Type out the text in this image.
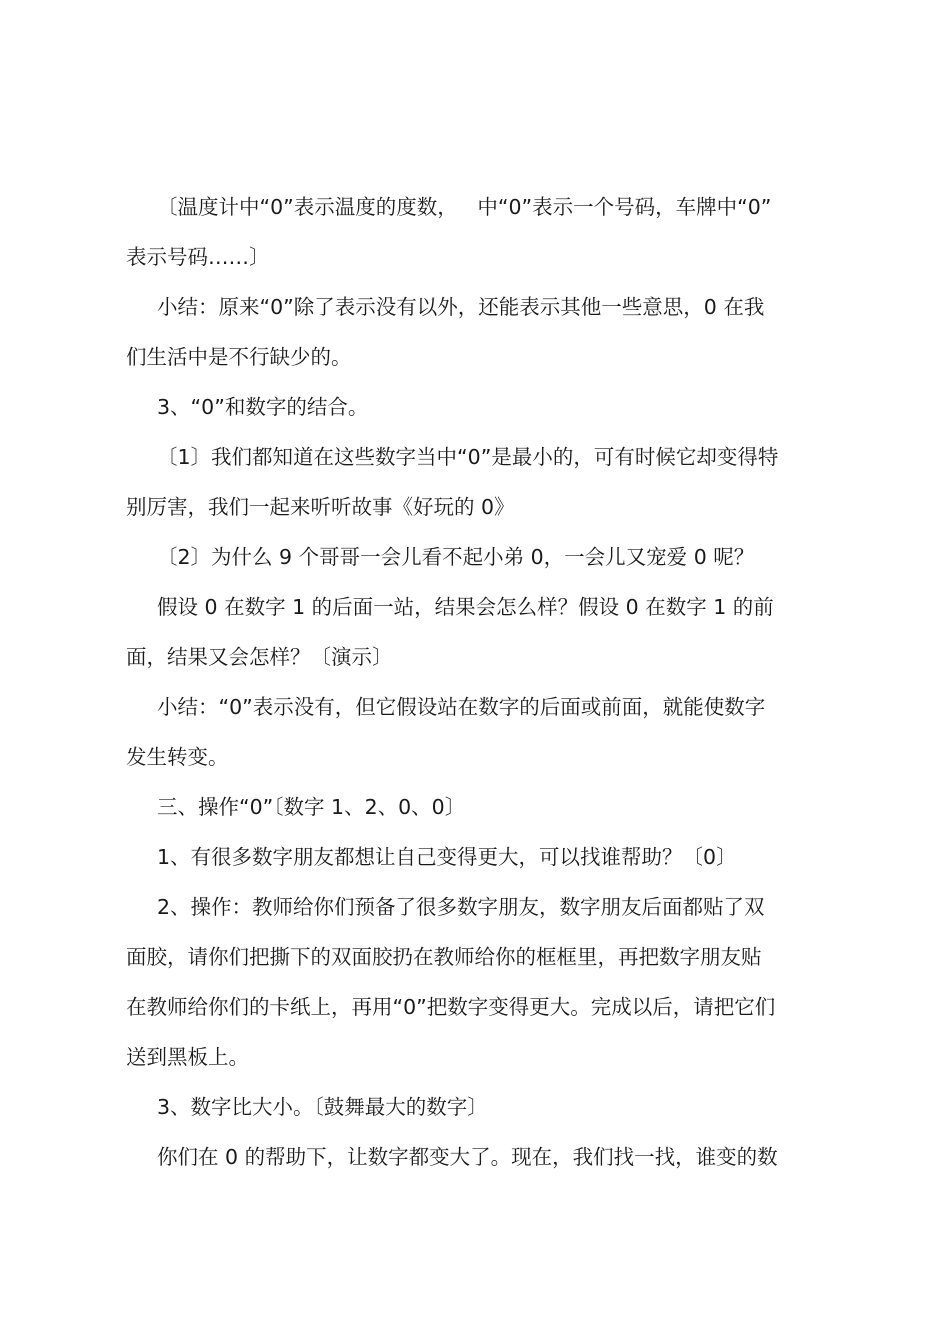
〔温度计中“0”表示温度的度数，   中“0”表示一个号码，车牌中“0”
表示号码……〕
小结：原来“0”除了表示没有以外，还能表示其他一些意思，0 在我
们生活中是不行缺少的。
3、“0”和数字的结合。
〔1〕我们都知道在这些数字当中“0”是最小的，可有时候它却变得特
别厉害，我们一起来听听故事《好玩的 0》
〔2〕为什么 9 个哥哥一会儿看不起小弟 0，一会儿又宠爱 0 呢？
假设 0 在数字 1 的后面一站，结果会怎么样？假设 0 在数字 1 的前
面，结果又会怎样？〔演示〕
小结：“0”表示没有，但它假设站在数字的后面或前面，就能使数字
发生转变。
三、操作“0”〔数字 1、2、0、0〕
1、有很多数字朋友都想让自己变得更大，可以找谁帮助？〔0〕
2、操作：教师给你们预备了很多数字朋友，数字朋友后面都贴了双
面胶，请你们把撕下的双面胶扔在教师给你的框框里，再把数字朋友贴
在教师给你们的卡纸上，再用“0”把数字变得更大。完成以后，请把它们
送到黑板上。
3、数字比大小。〔鼓舞最大的数字〕
你们在 0 的帮助下，让数字都变大了。现在，我们找一找，谁变的数
